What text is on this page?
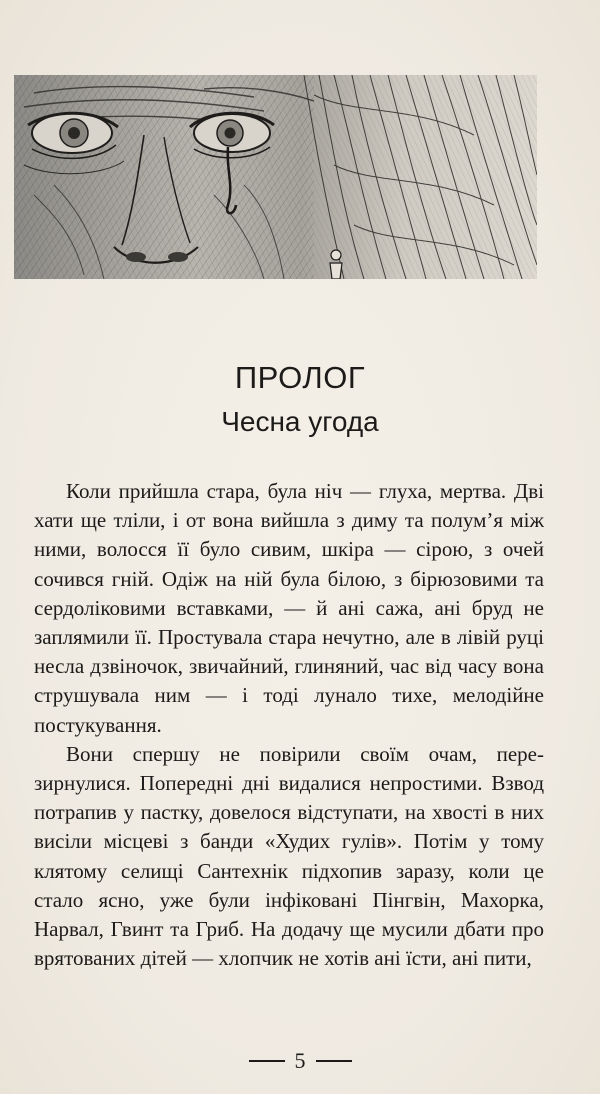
ПРОЛОГ
Чесна угода

Коли прийшла стара, була ніч — глуха, мертва. Дві хати ще тліли, і от вона вийшла з диму та полум’я між ними, волосся її було сивим, шкіра — сірою, з очей сочився гній. Одіж на ній була білою, з бірюзовими та сердоліковими вставками, — й ані сажа, ані бруд не заплямили її. Простувала стара нечутно, але в лівій руці несла дзвіночок, звичайний, глиняний, час від часу вона струшувала ним — і тоді лунало тихе, мелодійне постукування.

Вони спершу не повірили своїм очам, перезирнулися. Попередні дні видалися непростими. Взвод потрапив у пастку, довелося відступати, на хвості в них висіли місцеві з банди «Худих гулів». Потім у тому клятому селищі Сантехнік підхопив заразу, коли це стало ясно, уже були інфіковані Пінгвін, Махорка, Нарвал, Гвинт та Гриб. На додачу ще мусили дбати про врятованих дітей — хлопчик не хотів ані їсти, ані пити,

5
